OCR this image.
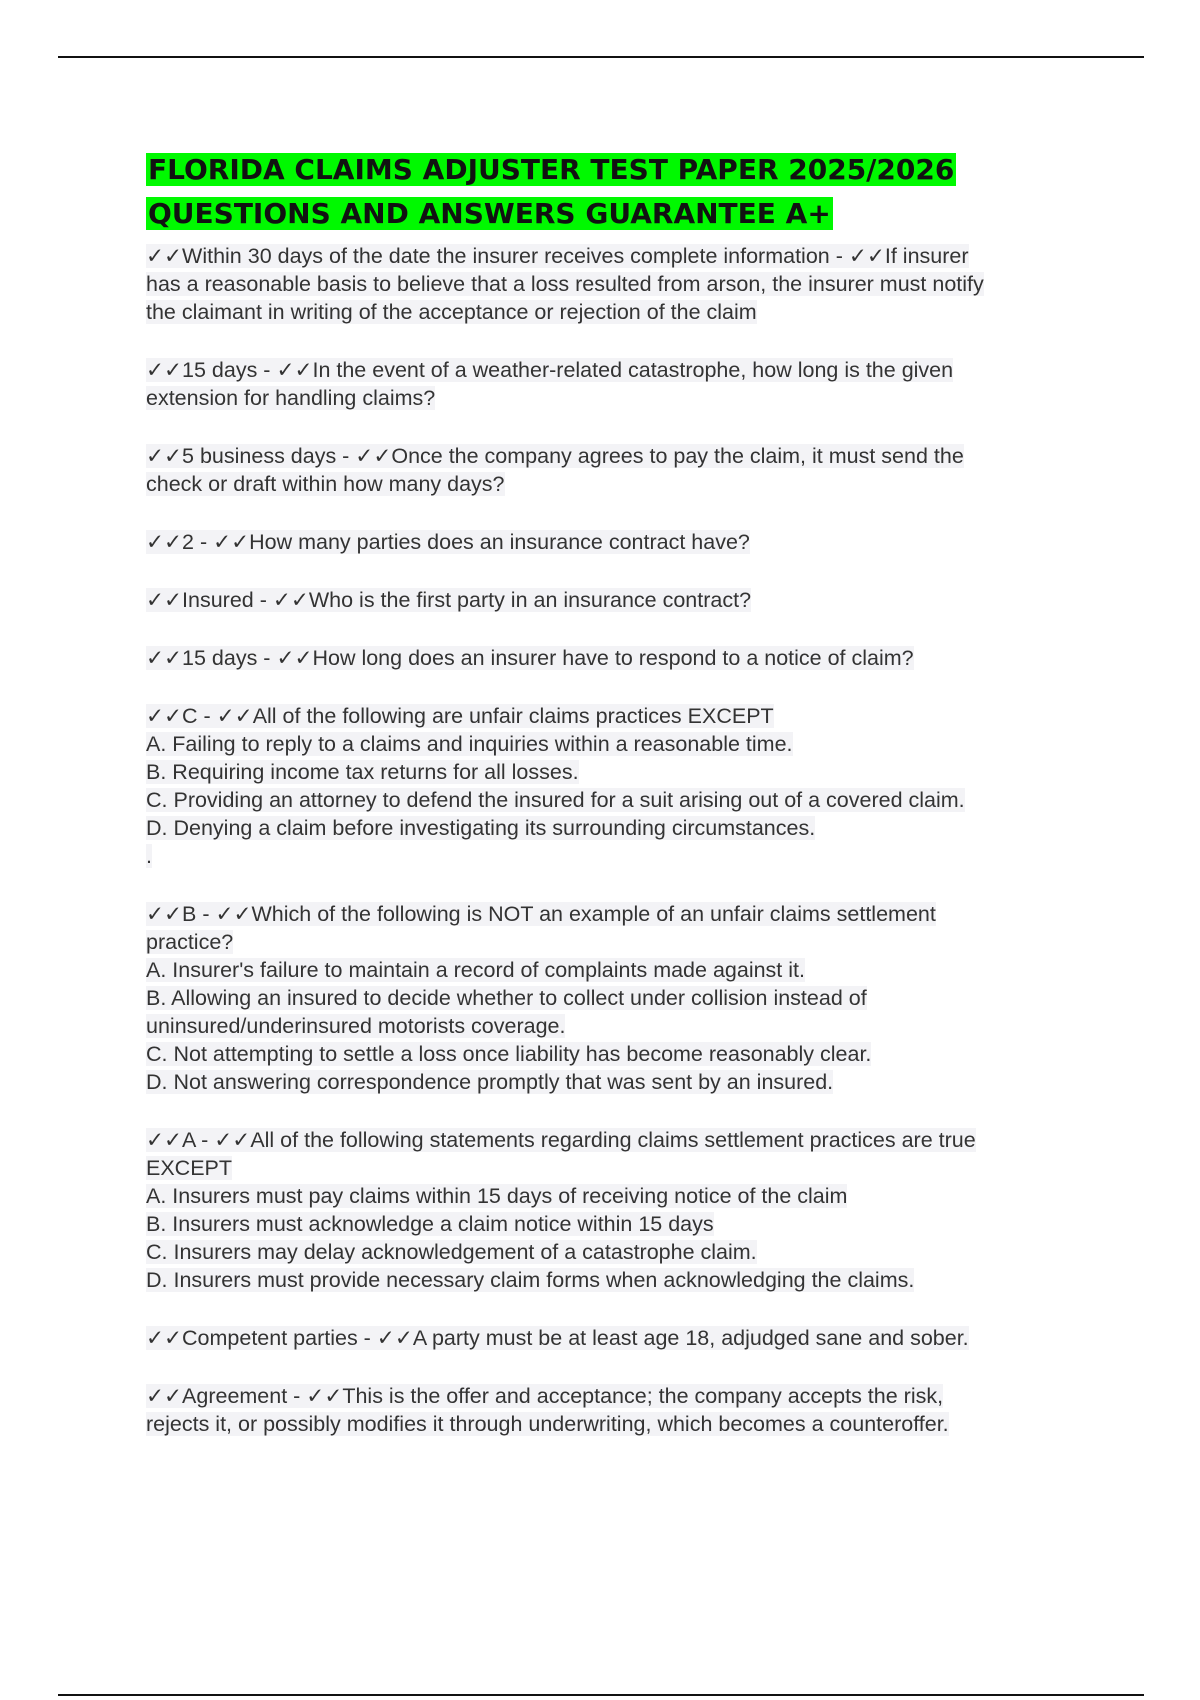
FLORIDA CLAIMS ADJUSTER TEST PAPER 2025/2026
QUESTIONS AND ANSWERS GUARANTEE A+
✓✓Within 30 days of the date the insurer receives complete information - ✓✓If insurer
has a reasonable basis to believe that a loss resulted from arson, the insurer must notify
the claimant in writing of the acceptance or rejection of the claim
✓✓15 days - ✓✓In the event of a weather-related catastrophe, how long is the given
extension for handling claims?
✓✓5 business days - ✓✓Once the company agrees to pay the claim, it must send the
check or draft within how many days?
✓✓2 - ✓✓How many parties does an insurance contract have?
✓✓Insured - ✓✓Who is the first party in an insurance contract?
✓✓15 days - ✓✓How long does an insurer have to respond to a notice of claim?
✓✓C - ✓✓All of the following are unfair claims practices EXCEPT
A. Failing to reply to a claims and inquiries within a reasonable time.
B. Requiring income tax returns for all losses.
C. Providing an attorney to defend the insured for a suit arising out of a covered claim.
D. Denying a claim before investigating its surrounding circumstances.
.
✓✓B - ✓✓Which of the following is NOT an example of an unfair claims settlement
practice?
A. Insurer's failure to maintain a record of complaints made against it.
B. Allowing an insured to decide whether to collect under collision instead of
uninsured/underinsured motorists coverage.
C. Not attempting to settle a loss once liability has become reasonably clear.
D. Not answering correspondence promptly that was sent by an insured.
✓✓A - ✓✓All of the following statements regarding claims settlement practices are true
EXCEPT
A. Insurers must pay claims within 15 days of receiving notice of the claim
B. Insurers must acknowledge a claim notice within 15 days
C. Insurers may delay acknowledgement of a catastrophe claim.
D. Insurers must provide necessary claim forms when acknowledging the claims.
✓✓Competent parties - ✓✓A party must be at least age 18, adjudged sane and sober.
✓✓Agreement - ✓✓This is the offer and acceptance; the company accepts the risk,
rejects it, or possibly modifies it through underwriting, which becomes a counteroffer.
